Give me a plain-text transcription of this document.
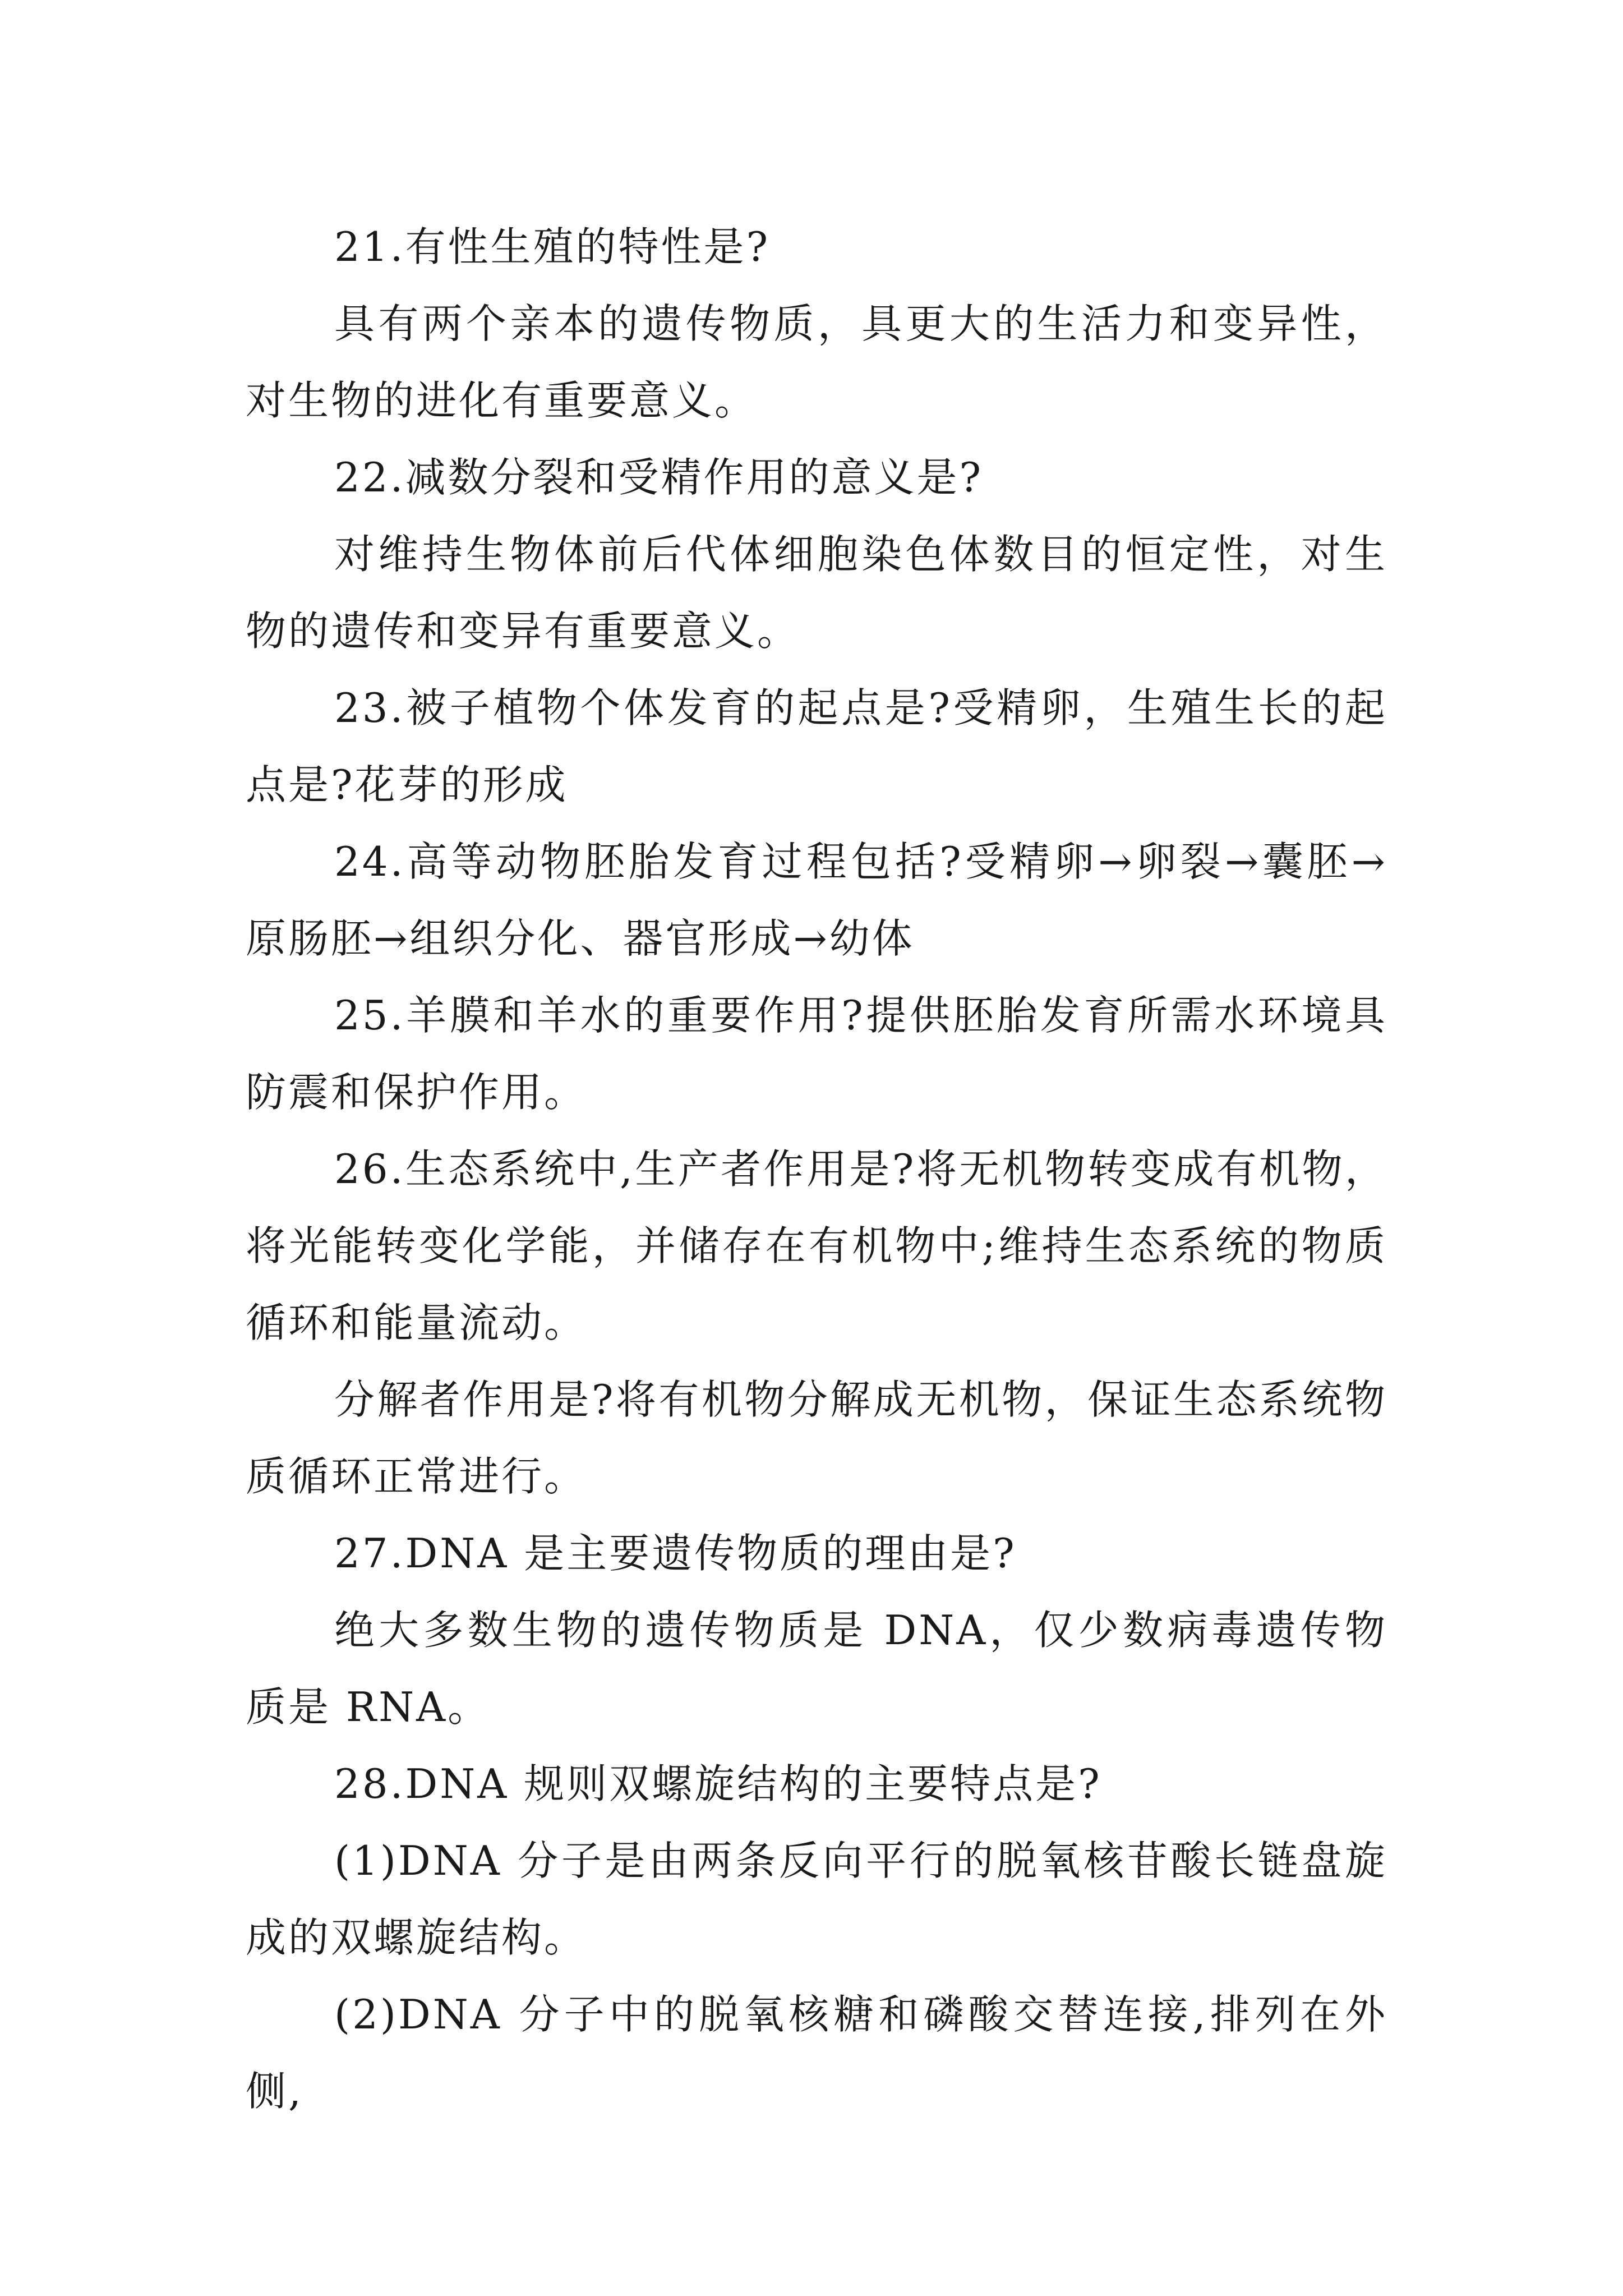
21.有性生殖的特性是?

具有两个亲本的遗传物质，具更大的生活力和变异性，对生物的进化有重要意义。

22.减数分裂和受精作用的意义是?

对维持生物体前后代体细胞染色体数目的恒定性，对生物的遗传和变异有重要意义。

23.被子植物个体发育的起点是?受精卵，生殖生长的起点是?花芽的形成

24.高等动物胚胎发育过程包括?受精卵→卵裂→囊胚→原肠胚→组织分化、器官形成→幼体

25.羊膜和羊水的重要作用?提供胚胎发育所需水环境具防震和保护作用。

26.生态系统中,生产者作用是?将无机物转变成有机物，将光能转变化学能，并储存在有机物中;维持生态系统的物质循环和能量流动。

分解者作用是?将有机物分解成无机物，保证生态系统物质循环正常进行。

27.DNA 是主要遗传物质的理由是?

绝大多数生物的遗传物质是 DNA，仅少数病毒遗传物质是 RNA。

28.DNA 规则双螺旋结构的主要特点是?

(1)DNA 分子是由两条反向平行的脱氧核苷酸长链盘旋成的双螺旋结构。

(2)DNA 分子中的脱氧核糖和磷酸交替连接,排列在外侧,
